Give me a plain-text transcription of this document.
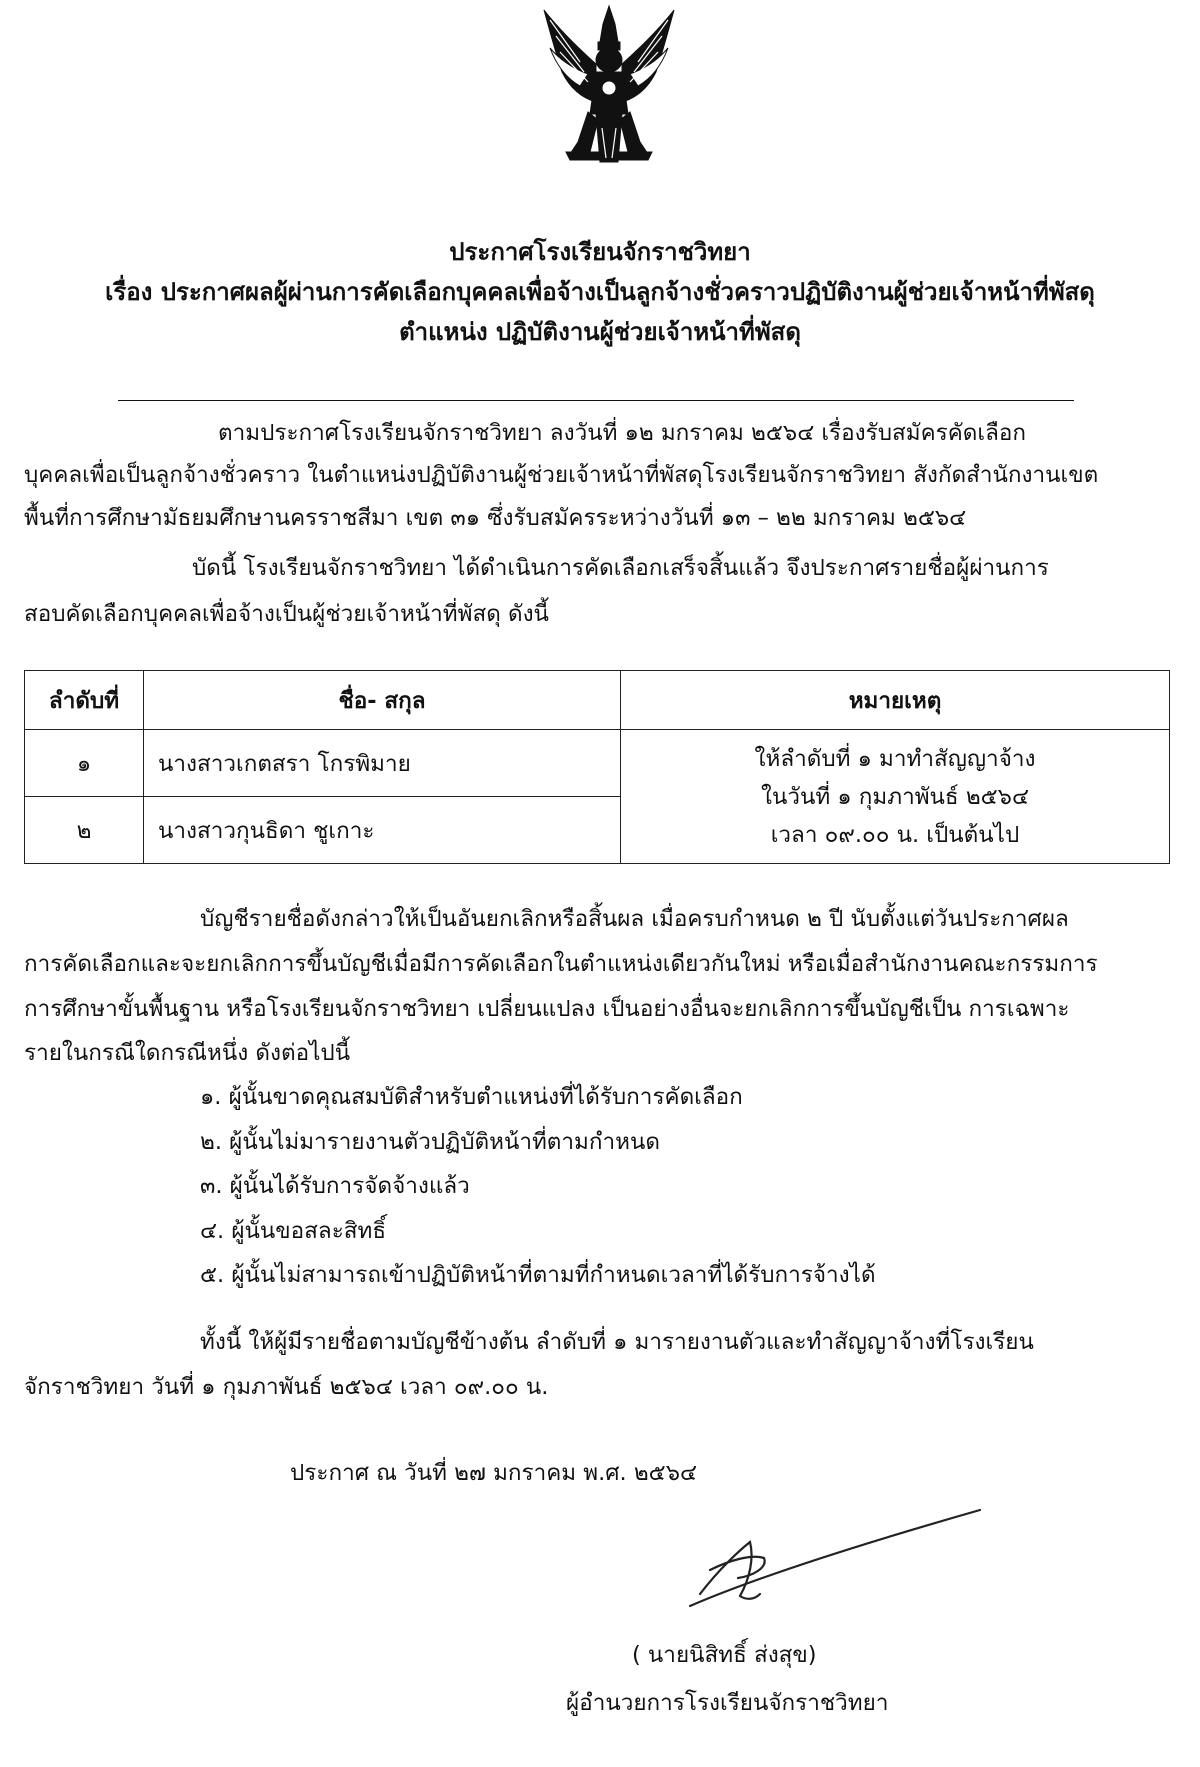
ประกาศโรงเรียนจักราชวิทยา
เรื่อง ประกาศผลผู้ผ่านการคัดเลือกบุคคลเพื่อจ้างเป็นลูกจ้างชั่วคราวปฏิบัติงานผู้ช่วยเจ้าหน้าที่พัสดุ
ตำแหน่ง ปฏิบัติงานผู้ช่วยเจ้าหน้าที่พัสดุ
ตามประกาศโรงเรียนจักราชวิทยา ลงวันที่ ๑๒ มกราคม ๒๕๖๔ เรื่องรับสมัครคัดเลือก
บุคคลเพื่อเป็นลูกจ้างชั่วคราว ในตำแหน่งปฏิบัติงานผู้ช่วยเจ้าหน้าที่พัสดุโรงเรียนจักราชวิทยา สังกัดสำนักงานเขต
พื้นที่การศึกษามัธยมศึกษานครราชสีมา เขต ๓๑ ซึ่งรับสมัครระหว่างวันที่ ๑๓ – ๒๒ มกราคม ๒๕๖๔
บัดนี้ โรงเรียนจักราชวิทยา ได้ดำเนินการคัดเลือกเสร็จสิ้นแล้ว จึงประกาศรายชื่อผู้ผ่านการ
สอบคัดเลือกบุคคลเพื่อจ้างเป็นผู้ช่วยเจ้าหน้าที่พัสดุ ดังนี้
ลำดับที่	ชื่อ- สกุล	หมายเหตุ
๑	นางสาวเกตสรา โกรพิมาย	ให้ลำดับที่ ๑ มาทำสัญญาจ้าง
ในวันที่ ๑ กุมภาพันธ์ ๒๕๖๔
เวลา ๐๙.๐๐ น. เป็นต้นไป

๒	นางสาวกุนธิดา ชูเกาะ	
บัญชีรายชื่อดังกล่าวให้เป็นอันยกเลิกหรือสิ้นผล เมื่อครบกำหนด ๒ ปี นับตั้งแต่วันประกาศผล
การคัดเลือกและจะยกเลิกการขึ้นบัญชีเมื่อมีการคัดเลือกในตำแหน่งเดียวกันใหม่ หรือเมื่อสำนักงานคณะกรรมการ
การศึกษาขั้นพื้นฐาน หรือโรงเรียนจักราชวิทยา เปลี่ยนแปลง เป็นอย่างอื่นจะยกเลิกการขึ้นบัญชีเป็น การเฉพาะ
รายในกรณีใดกรณีหนึ่ง ดังต่อไปนี้
๑. ผู้นั้นขาดคุณสมบัติสำหรับตำแหน่งที่ได้รับการคัดเลือก
๒. ผู้นั้นไม่มารายงานตัวปฏิบัติหน้าที่ตามกำหนด
๓. ผู้นั้นได้รับการจัดจ้างแล้ว
๔. ผู้นั้นขอสละสิทธิ์
๕. ผู้นั้นไม่สามารถเข้าปฏิบัติหน้าที่ตามที่กำหนดเวลาที่ได้รับการจ้างได้
ทั้งนี้ ให้ผู้มีรายชื่อตามบัญชีข้างต้น ลำดับที่ ๑ มารายงานตัวและทำสัญญาจ้างที่โรงเรียน
จักราชวิทยา วันที่ ๑ กุมภาพันธ์ ๒๕๖๔ เวลา ๐๙.๐๐ น.
ประกาศ ณ วันที่ ๒๗ มกราคม พ.ศ. ๒๕๖๔
( นายนิสิทธิ์ ส่งสุข)
ผู้อำนวยการโรงเรียนจักราชวิทยา
